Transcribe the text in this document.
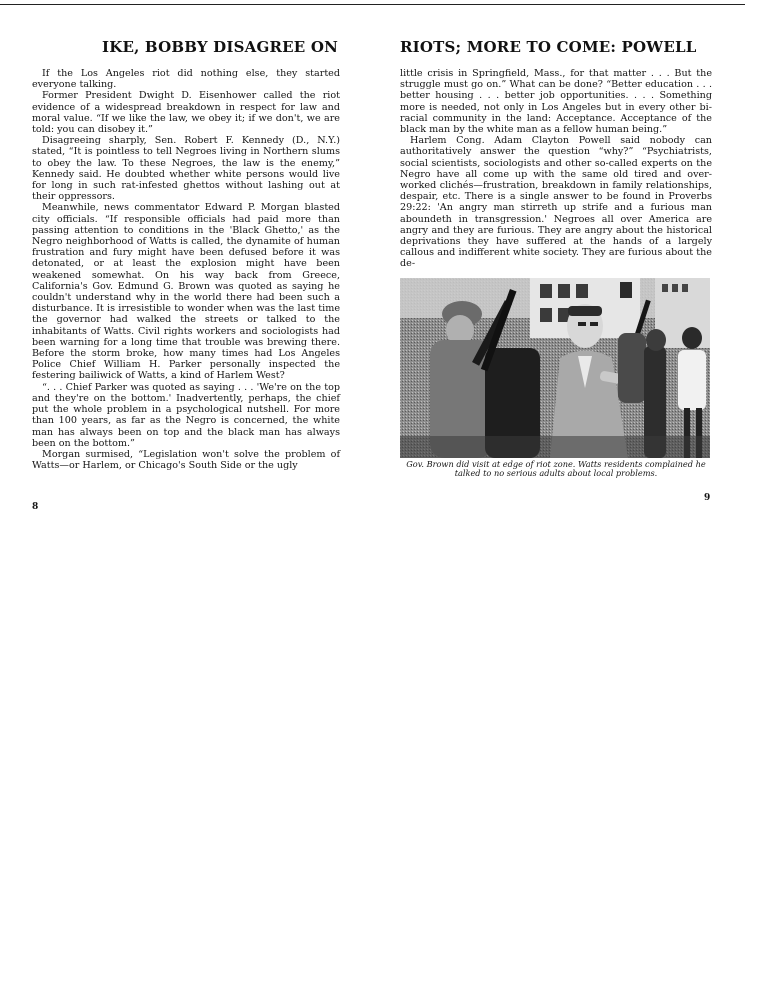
IKE, BOBBY DISAGREE ON

If the Los Angeles riot did nothing else, they started everyone talking.

Former President Dwight D. Eisenhower called the riot evidence of a widespread breakdown in respect for law and moral value. “If we like the law, we obey it; if we don't, we are told: you can disobey it.”

Disagreeing sharply, Sen. Robert F. Kennedy (D., N.Y.) stated, “It is pointless to tell Negroes living in Northern slums to obey the law. To these Negroes, the law is the enemy,” Kennedy said. He doubted whether white persons would live for long in such rat-infested ghettos without lashing out at their oppressors.

Meanwhile, news commentator Edward P. Morgan blasted city officials. “If responsible officials had paid more than passing attention to conditions in the 'Black Ghetto,' as the Negro neighborhood of Watts is called, the dynamite of human frustration and fury might have been defused before it was detonated, or at least the explosion might have been weakened somewhat. On his way back from Greece, California's Gov. Edmund G. Brown was quoted as saying he couldn't understand why in the world there had been such a disturbance. It is irresistible to wonder when was the last time the governor had walked the streets or talked to the inhabitants of Watts. Civil rights workers and sociologists had been warning for a long time that trouble was brewing there. Before the storm broke, how many times had Los Angeles Police Chief William H. Parker personally inspected the festering bailiwick of Watts, a kind of Harlem West?

“. . . Chief Parker was quoted as saying . . . 'We're on the top and they're on the bottom.' Inadvertently, perhaps, the chief put the whole problem in a psychological nutshell. For more than 100 years, as far as the Negro is concerned, the white man has always been on top and the black man has always been on the bottom.”

Morgan surmised, “Legislation won't solve the problem of Watts—or Harlem, or Chicago's South Side or the ugly

8
RIOTS; MORE TO COME: POWELL

little crisis in Springfield, Mass., for that matter . . . But the struggle must go on.” What can be done? “Better education . . . better housing . . . better job opportunities. . . . Something more is needed, not only in Los Angeles but in every other bi-racial community in the land: Acceptance. Acceptance of the black man by the white man as a fellow human being.”

Harlem Cong. Adam Clayton Powell said nobody can authoritatively answer the question “why?” “Psychiatrists, social scientists, sociologists and other so-called experts on the Negro have all come up with the same old tired and over-worked clichés—frustration, breakdown in family relationships, despair, etc. There is a single answer to be found in Proverbs 29:22: 'An angry man stirreth up strife and a furious man aboundeth in transgression.' Negroes all over America are angry and they are furious. They are angry about the historical deprivations they have suffered at the hands of a largely callous and indifferent white society. They are furious about the de-

Gov. Brown did visit at edge of riot zone. Watts residents complained he talked to no serious adults about local problems.
9
